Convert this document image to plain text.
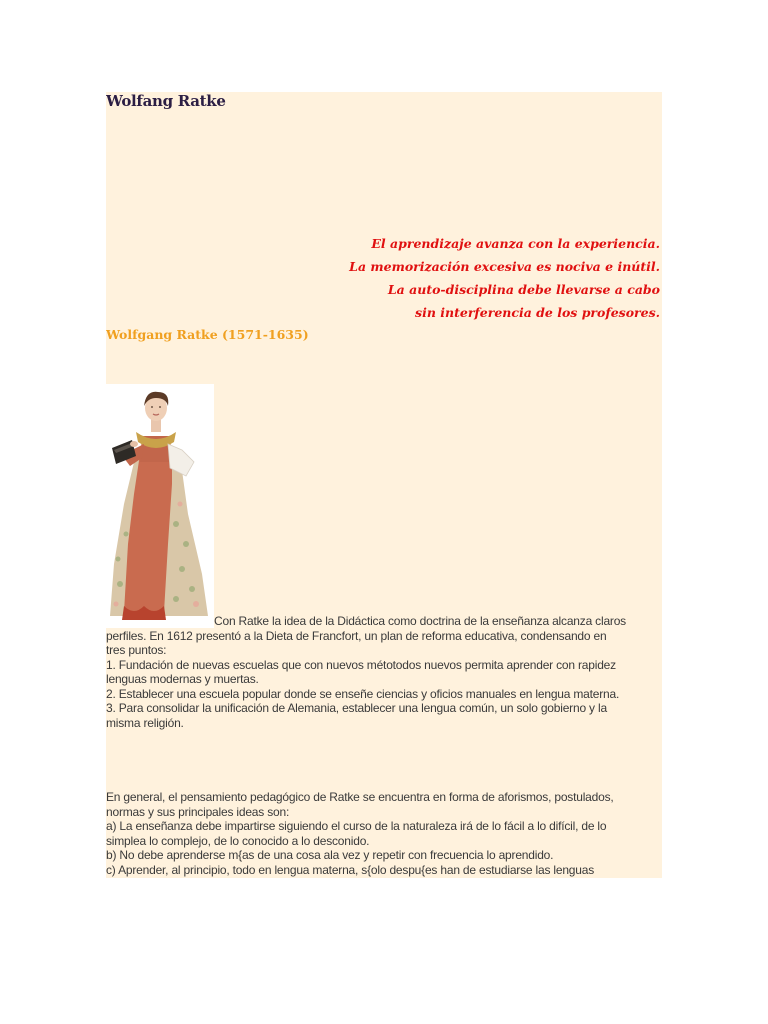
Wolfang Ratke
El aprendizaje avanza con la experiencia.
La memorización excesiva es nociva e inútil.
La auto-disciplina debe llevarse a cabo
sin interferencia de los profesores.
Wolfgang Ratke (1571-1635)
Con Ratke la idea de la Didáctica como doctrina de la enseñanza alcanza claros
perfiles. En 1612 presentó a la Dieta de Francfort, un plan de reforma educativa, condensando en
tres puntos:
1. Fundación de nuevas escuelas que con nuevos métotodos nuevos permita aprender con rapidez
lenguas modernas y muertas.
2. Establecer una escuela popular donde se enseñe ciencias y oficios manuales en lengua materna.
3. Para consolidar la unificación de Alemania, establecer una lengua común, un solo gobierno y la
misma religión.
En general, el pensamiento pedagógico de Ratke se encuentra en forma de aforismos, postulados,
normas y sus principales ideas son:
a) La enseñanza debe impartirse siguiendo el curso de la naturaleza irá de lo fácil a lo difícil, de lo
simplea lo complejo, de lo conocido a lo desconido.
b) No debe aprenderse m{as de una cosa ala vez y repetir con frecuencia lo aprendido.
c) Aprender, al principio, todo en lengua materna, s{olo despu{es han de estudiarse las lenguas
